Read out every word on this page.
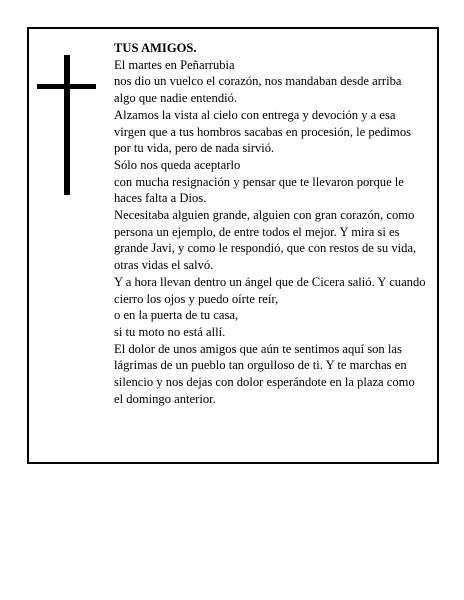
TUS AMIGOS.

El martes en Peñarrubia

nos dio un vuelco el corazón, nos mandaban desde arriba algo que nadie entendió.

Alzamos la vista al cielo con entrega y devoción y a esa virgen que a tus hombros sacabas en procesión, le pedimos por tu vida, pero de nada sirvió.

Sólo nos queda aceptarlo

con mucha resignación y pensar que te llevaron porque le haces falta a Dios.

Necesitaba alguien grande, alguien con gran corazón, como persona un ejemplo, de entre todos el mejor. Y mira si es grande Javi, y como le respondió, que con restos de su vida, otras vidas el salvó.

Y a hora llevan dentro un ángel que de Cicera salió. Y cuando cierro los ojos y puedo oírte reír,

o en la puerta de tu casa,

si tu moto no está allí.

El dolor de unos amigos que aún te sentimos aquí son las lágrimas de un pueblo tan orgulloso de ti. Y te marchas en silencio y nos dejas con dolor esperándote en la plaza como el domingo anterior.
